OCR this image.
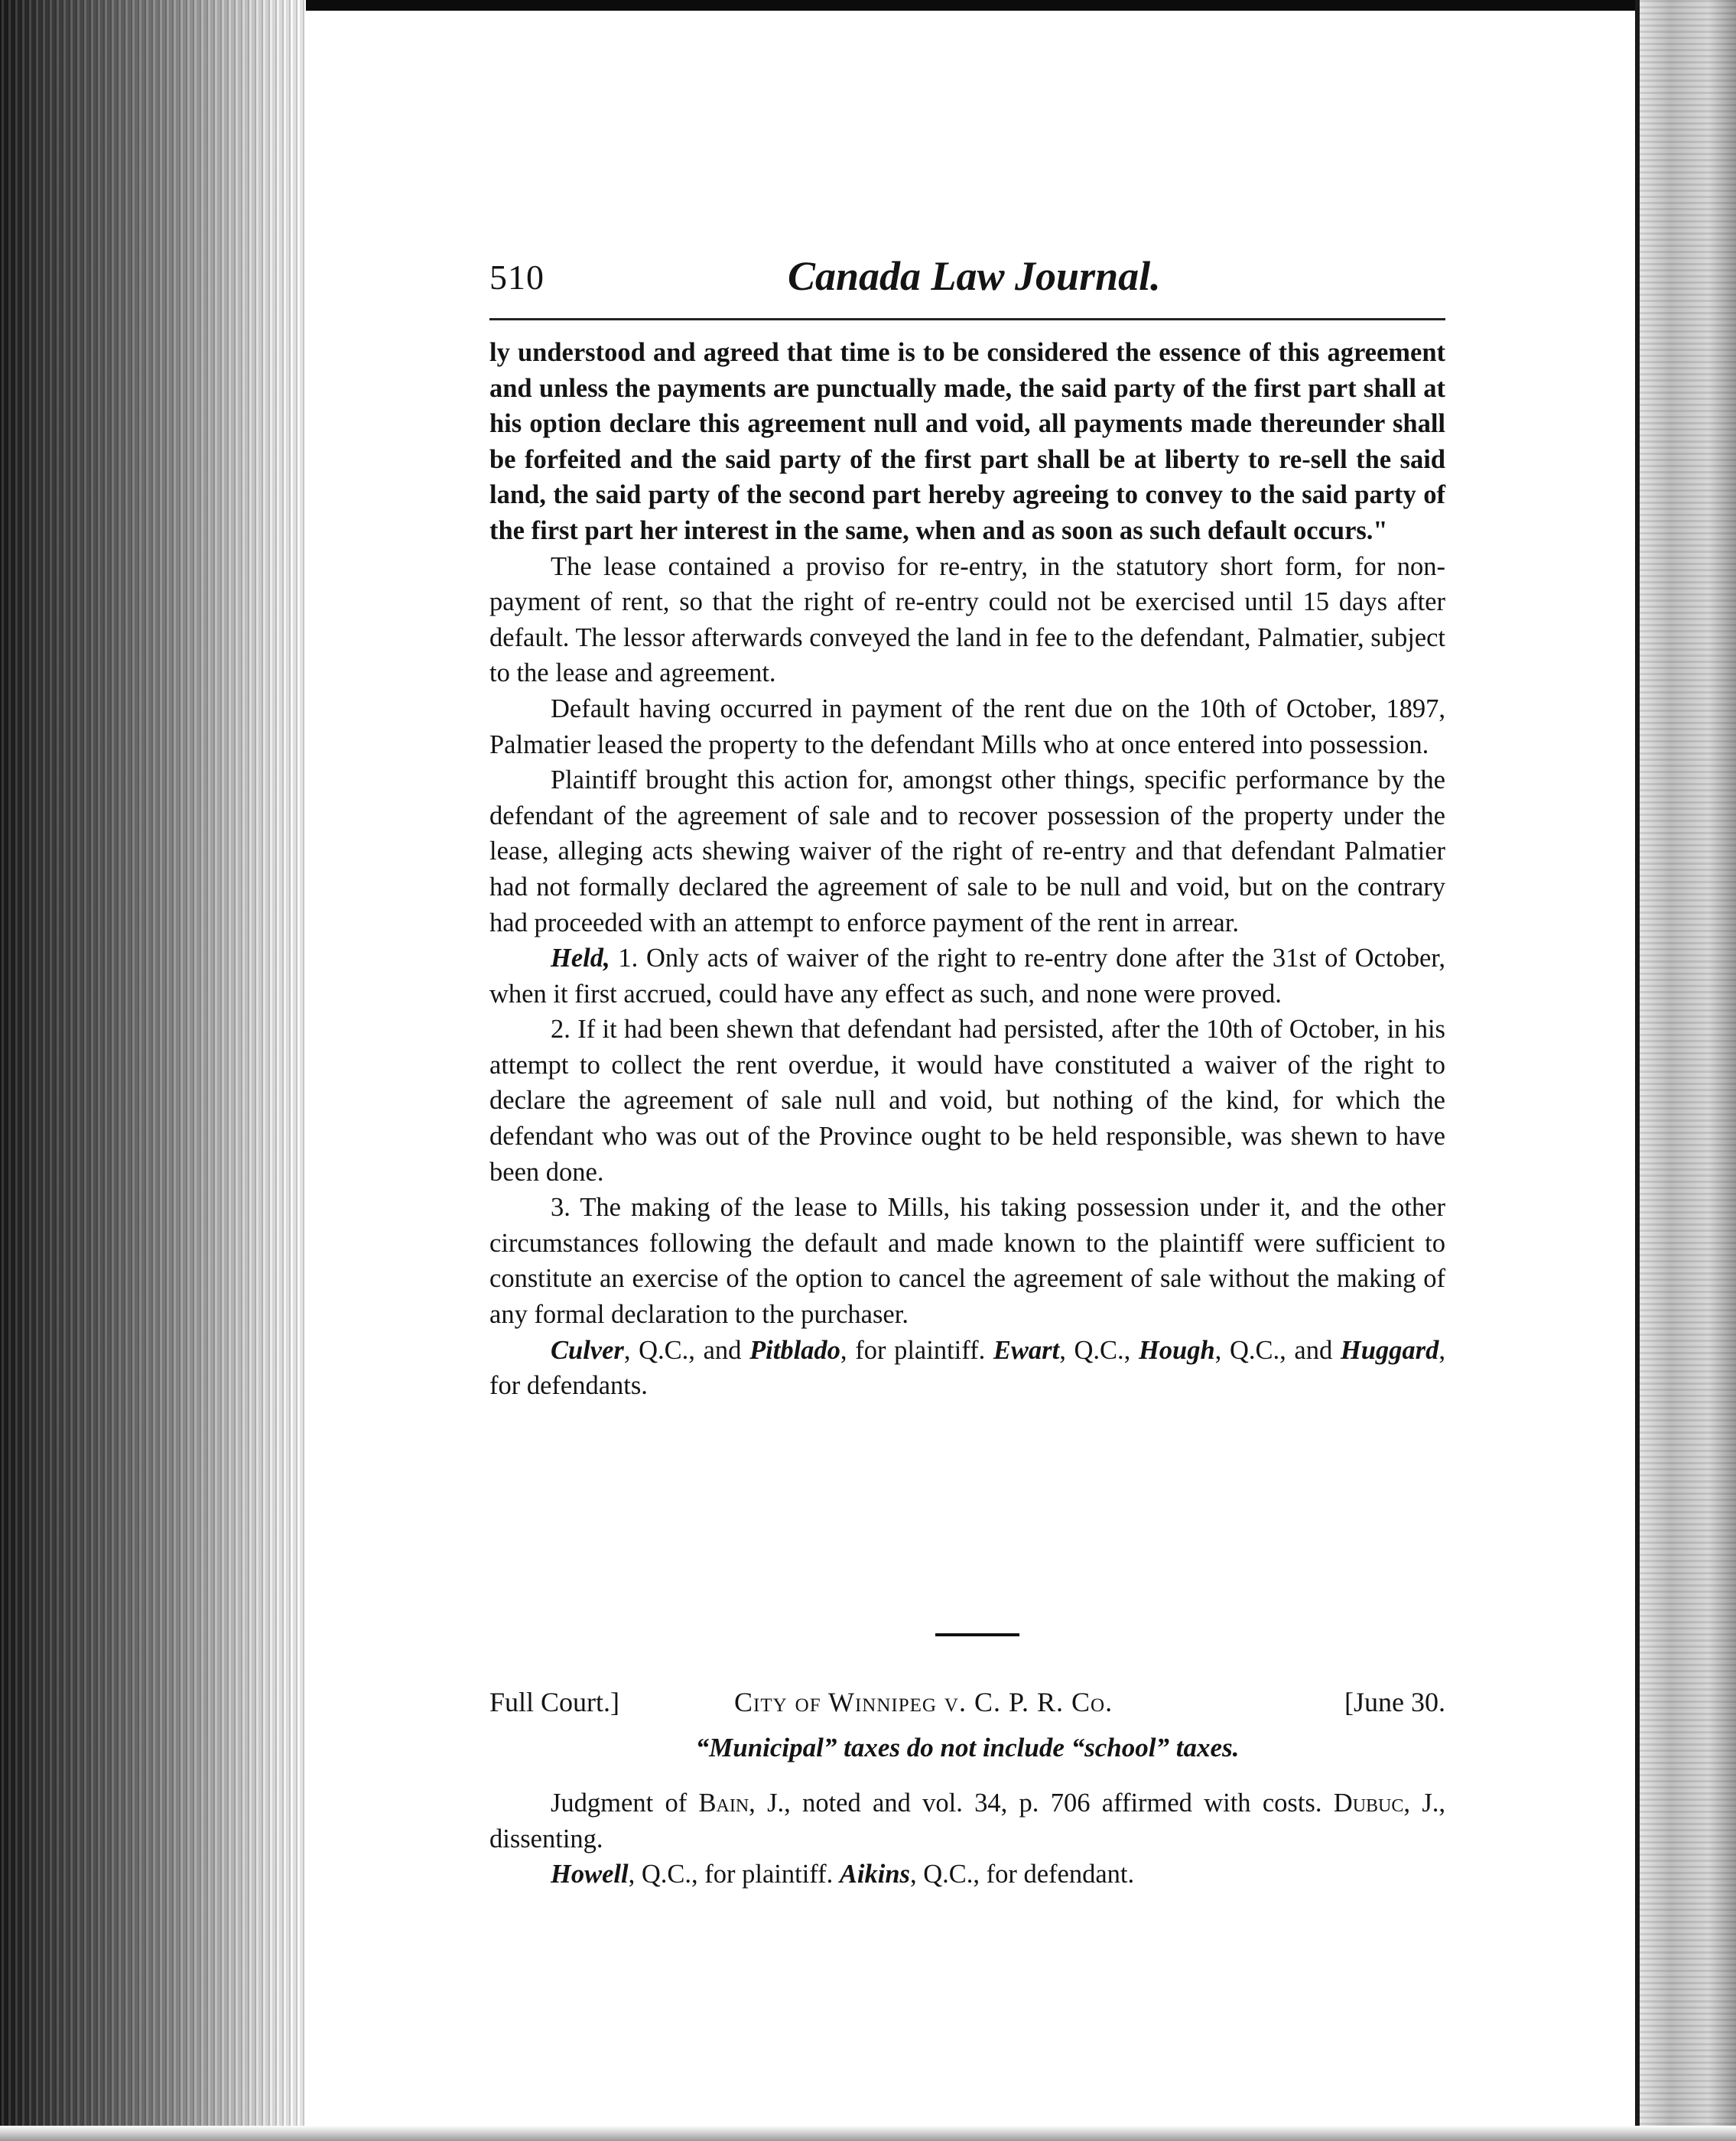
510	Canada Law Journal.

ly understood and agreed that time is to be considered the essence of this agreement and unless the payments are punctually made, the said party of the first part shall at his option declare this agreement null and void, all payments made thereunder shall be forfeited and the said party of the first part shall be at liberty to re-sell the said land, the said party of the second part hereby agreeing to convey to the said party of the first part her interest in the same, when and as soon as such default occurs."

The lease contained a proviso for re-entry, in the statutory short form, for non-payment of rent, so that the right of re-entry could not be exercised until 15 days after default. The lessor afterwards conveyed the land in fee to the defendant, Palmatier, subject to the lease and agreement.

Default having occurred in payment of the rent due on the 10th of October, 1897, Palmatier leased the property to the defendant Mills who at once entered into possession.

Plaintiff brought this action for, amongst other things, specific performance by the defendant of the agreement of sale and to recover possession of the property under the lease, alleging acts shewing waiver of the right of re-entry and that defendant Palmatier had not formally declared the agreement of sale to be null and void, but on the contrary had proceeded with an attempt to enforce payment of the rent in arrear.

Held, 1. Only acts of waiver of the right to re-entry done after the 31st of October, when it first accrued, could have any effect as such, and none were proved.

2. If it had been shewn that defendant had persisted, after the 10th of October, in his attempt to collect the rent overdue, it would have constituted a waiver of the right to declare the agreement of sale null and void, but nothing of the kind, for which the defendant who was out of the Province ought to be held responsible, was shewn to have been done.

3. The making of the lease to Mills, his taking possession under it, and the other circumstances following the default and made known to the plaintiff were sufficient to constitute an exercise of the option to cancel the agreement of sale without the making of any formal declaration to the purchaser.

Culver, Q.C., and Pitblado, for plaintiff. Ewart, Q.C., Hough, Q.C., and Huggard, for defendants.

Full Court.]	City of Winnipeg v. C. P. R. Co.	[June 30.
“Municipal” taxes do not include “school” taxes.

Judgment of Bain, J., noted and vol. 34, p. 706 affirmed with costs. Dubuc, J., dissenting.

Howell, Q.C., for plaintiff. Aikins, Q.C., for defendant.
